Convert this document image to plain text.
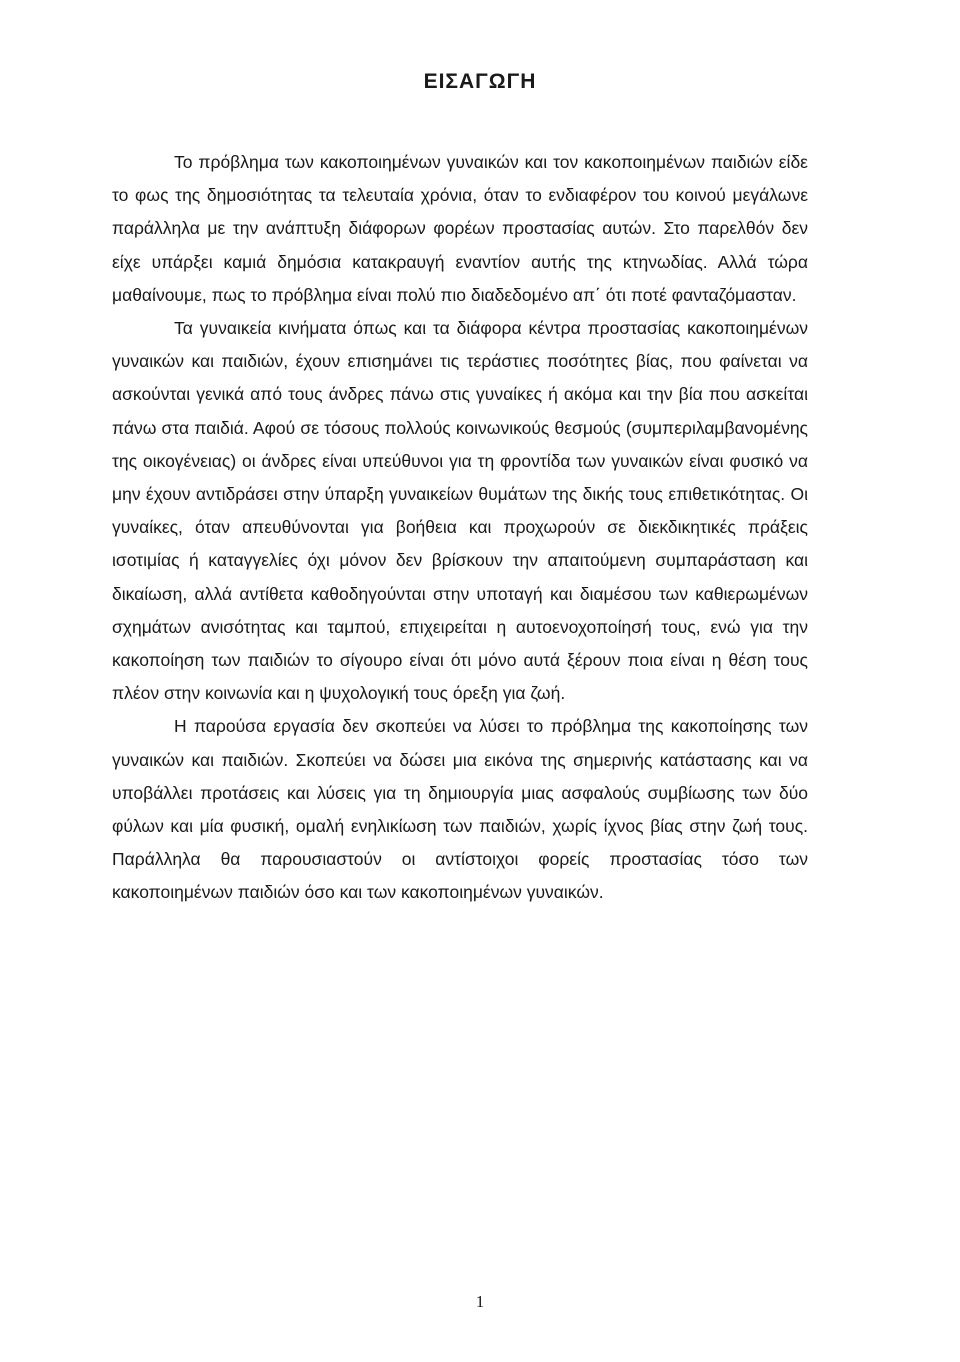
ΕΙΣΑΓΩΓΗ

Το πρόβλημα των κακοποιημένων γυναικών και τον κακοποιημένων παιδιών είδε το φως της δημοσιότητας τα τελευταία χρόνια, όταν το ενδιαφέρον του κοινού μεγάλωνε παράλληλα με την ανάπτυξη διάφορων φορέων προστασίας αυτών. Στο παρελθόν δεν είχε υπάρξει καμιά δημόσια κατακραυγή εναντίον αυτής της κτηνωδίας. Αλλά τώρα μαθαίνουμε, πως το πρόβλημα είναι πολύ πιο διαδεδομένο απ΄ ότι ποτέ φανταζόμασταν.

Τα γυναικεία κινήματα όπως και τα διάφορα κέντρα προστασίας κακοποιημένων γυναικών και παιδιών, έχουν επισημάνει τις τεράστιες ποσότητες βίας, που φαίνεται να ασκούνται γενικά από τους άνδρες πάνω στις γυναίκες ή ακόμα και την βία που ασκείται πάνω στα παιδιά. Αφού σε τόσους πολλούς κοινωνικούς θεσμούς (συμπεριλαμβανομένης της οικογένειας) οι άνδρες είναι υπεύθυνοι για τη φροντίδα των γυναικών είναι φυσικό να μην έχουν αντιδράσει στην ύπαρξη γυναικείων θυμάτων της δικής τους επιθετικότητας. Οι γυναίκες, όταν απευθύνονται για βοήθεια και προχωρούν σε διεκδικητικές πράξεις ισοτιμίας ή καταγγελίες όχι μόνον δεν βρίσκουν την απαιτούμενη συμπαράσταση και δικαίωση, αλλά αντίθετα καθοδηγούνται στην υποταγή και διαμέσου των καθιερωμένων σχημάτων ανισότητας και ταμπού, επιχειρείται η αυτοενοχοποίησή τους, ενώ για την κακοποίηση των παιδιών το σίγουρο είναι ότι μόνο αυτά ξέρουν ποια είναι η θέση τους πλέον στην κοινωνία και η ψυχολογική τους όρεξη για ζωή.

Η παρούσα εργασία δεν σκοπεύει να λύσει το πρόβλημα της κακοποίησης των γυναικών και παιδιών. Σκοπεύει να δώσει μια εικόνα της σημερινής κατάστασης και να υποβάλλει προτάσεις και λύσεις για τη δημιουργία μιας ασφαλούς συμβίωσης των δύο φύλων και μία φυσική, ομαλή ενηλικίωση των παιδιών, χωρίς ίχνος βίας στην ζωή τους. Παράλληλα θα παρουσιαστούν οι αντίστοιχοι φορείς προστασίας τόσο των κακοποιημένων παιδιών όσο και των κακοποιημένων γυναικών.

1
